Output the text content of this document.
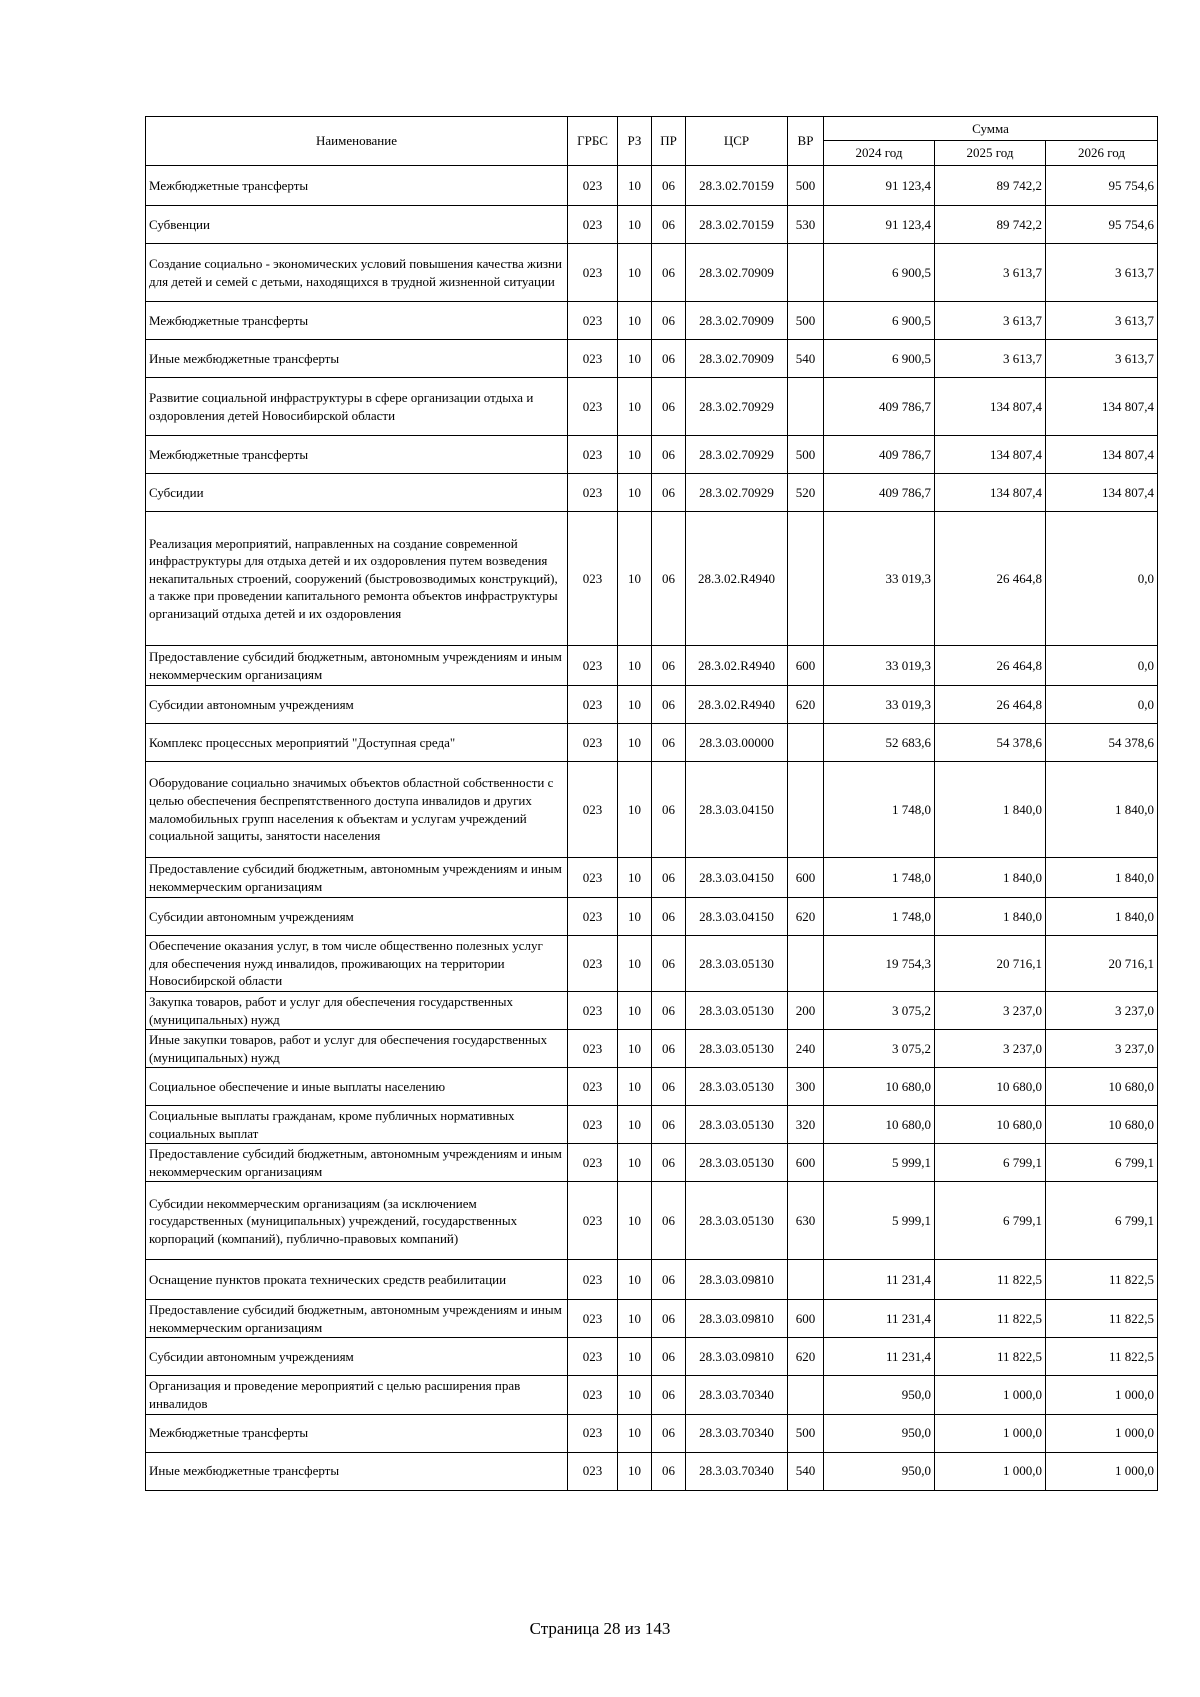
Наименование	ГРБС	РЗ	ПР	ЦСР	ВР	Сумма		
						2024 год	2025 год	2026 год
Межбюджетные трансферты	023	10	06	28.3.02.70159	500	91 123,4	89 742,2	95 754,6
Субвенции	023	10	06	28.3.02.70159	530	91 123,4	89 742,2	95 754,6
Создание социально - экономических условий повышения качества жизни для детей и семей с детьми, находящихся в трудной жизненной ситуации	023	10	06	28.3.02.70909		6 900,5	3 613,7	3 613,7
Межбюджетные трансферты	023	10	06	28.3.02.70909	500	6 900,5	3 613,7	3 613,7
Иные межбюджетные трансферты	023	10	06	28.3.02.70909	540	6 900,5	3 613,7	3 613,7
Развитие социальной инфраструктуры в сфере организации отдыха и оздоровления детей Новосибирской области	023	10	06	28.3.02.70929		409 786,7	134 807,4	134 807,4
Межбюджетные трансферты	023	10	06	28.3.02.70929	500	409 786,7	134 807,4	134 807,4
Субсидии	023	10	06	28.3.02.70929	520	409 786,7	134 807,4	134 807,4
Реализация мероприятий, направленных на создание современной инфраструктуры для отдыха детей и их оздоровления путем возведения некапитальных строений, сооружений (быстровозводимых конструкций), а также при проведении капитального ремонта объектов инфраструктуры организаций отдыха детей и их оздоровления	023	10	06	28.3.02.R4940		33 019,3	26 464,8	0,0
Предоставление субсидий бюджетным, автономным учреждениям и иным некоммерческим организациям	023	10	06	28.3.02.R4940	600	33 019,3	26 464,8	0,0
Субсидии автономным учреждениям	023	10	06	28.3.02.R4940	620	33 019,3	26 464,8	0,0
Комплекс процессных мероприятий "Доступная среда"	023	10	06	28.3.03.00000		52 683,6	54 378,6	54 378,6
Оборудование социально значимых объектов областной собственности с целью обеспечения беспрепятственного доступа инвалидов и других маломобильных групп населения к объектам и услугам учреждений социальной защиты, занятости населения	023	10	06	28.3.03.04150		1 748,0	1 840,0	1 840,0
Предоставление субсидий бюджетным, автономным учреждениям и иным некоммерческим организациям	023	10	06	28.3.03.04150	600	1 748,0	1 840,0	1 840,0
Субсидии автономным учреждениям	023	10	06	28.3.03.04150	620	1 748,0	1 840,0	1 840,0
Обеспечение оказания услуг, в том числе общественно полезных услуг для обеспечения нужд инвалидов, проживающих на территории Новосибирской области	023	10	06	28.3.03.05130		19 754,3	20 716,1	20 716,1
Закупка товаров, работ и услуг для обеспечения государственных (муниципальных) нужд	023	10	06	28.3.03.05130	200	3 075,2	3 237,0	3 237,0
Иные закупки товаров, работ и услуг для обеспечения государственных (муниципальных) нужд	023	10	06	28.3.03.05130	240	3 075,2	3 237,0	3 237,0
Социальное обеспечение и иные выплаты населению	023	10	06	28.3.03.05130	300	10 680,0	10 680,0	10 680,0
Социальные выплаты гражданам, кроме публичных нормативных социальных выплат	023	10	06	28.3.03.05130	320	10 680,0	10 680,0	10 680,0
Предоставление субсидий бюджетным, автономным учреждениям и иным некоммерческим организациям	023	10	06	28.3.03.05130	600	5 999,1	6 799,1	6 799,1
Субсидии некоммерческим организациям (за исключением государственных (муниципальных) учреждений, государственных корпораций (компаний), публично-правовых компаний)	023	10	06	28.3.03.05130	630	5 999,1	6 799,1	6 799,1
Оснащение пунктов проката технических средств реабилитации	023	10	06	28.3.03.09810		11 231,4	11 822,5	11 822,5
Предоставление субсидий бюджетным, автономным учреждениям и иным некоммерческим организациям	023	10	06	28.3.03.09810	600	11 231,4	11 822,5	11 822,5
Субсидии автономным учреждениям	023	10	06	28.3.03.09810	620	11 231,4	11 822,5	11 822,5
Организация и проведение мероприятий с целью расширения прав инвалидов	023	10	06	28.3.03.70340		950,0	1 000,0	1 000,0
Межбюджетные трансферты	023	10	06	28.3.03.70340	500	950,0	1 000,0	1 000,0
Иные межбюджетные трансферты	023	10	06	28.3.03.70340	540	950,0	1 000,0	1 000,0
Страница 28 из 143
